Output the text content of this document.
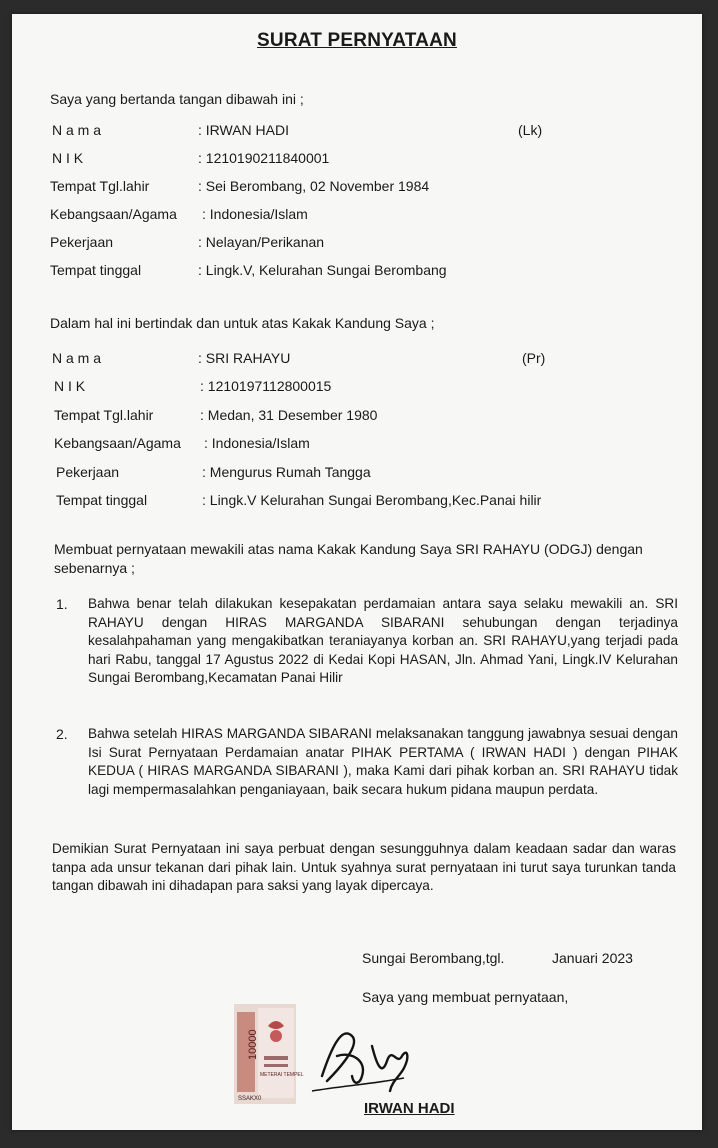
SURAT PERNYATAAN
Saya yang bertanda tangan dibawah ini ;
N a m a	: IRWAN HADI	(Lk)
N I K	: 1210190211840001
Tempat Tgl.lahir	: Sei Berombang, 02 November 1984
Kebangsaan/Agama : Indonesia/Islam
Pekerjaan	: Nelayan/Perikanan
Tempat tinggal	: Lingk.V, Kelurahan Sungai Berombang
Dalam hal ini bertindak dan untuk atas Kakak Kandung Saya ;
N a m a	: SRI RAHAYU	(Pr)
N I K	: 1210197112800015
Tempat Tgl.lahir	: Medan, 31 Desember 1980
Kebangsaan/Agama : Indonesia/Islam
Pekerjaan	: Mengurus Rumah Tangga
Tempat tinggal	: Lingk.V Kelurahan Sungai Berombang,Kec.Panai hilir
Membuat pernyataan mewakili atas nama Kakak Kandung Saya SRI RAHAYU (ODGJ) dengan sebenarnya ;
1. Bahwa benar telah dilakukan kesepakatan perdamaian antara saya selaku mewakili an. SRI RAHAYU dengan HIRAS MARGANDA SIBARANI sehubungan dengan terjadinya kesalahpahaman yang mengakibatkan teraniayanya korban an. SRI RAHAYU,yang terjadi pada hari Rabu, tanggal 17 Agustus 2022 di Kedai Kopi HASAN, Jln. Ahmad Yani, Lingk.IV Kelurahan Sungai Berombang,Kecamatan Panai Hilir
2. Bahwa setelah HIRAS MARGANDA SIBARANI melaksanakan tanggung jawabnya sesuai dengan Isi Surat Pernyataan Perdamaian anatar PIHAK PERTAMA ( IRWAN HADI ) dengan PIHAK KEDUA ( HIRAS MARGANDA SIBARANI ), maka Kami dari pihak korban an. SRI RAHAYU tidak lagi mempermasalahkan penganiayaan, baik secara hukum pidana maupun perdata.
Demikian Surat Pernyataan ini saya perbuat dengan sesungguhnya dalam keadaan sadar dan waras tanpa ada unsur tekanan dari pihak lain. Untuk syahnya surat pernyataan ini turut saya turunkan tanda tangan dibawah ini dihadapan para saksi yang layak dipercaya.
Sungai Berombang,tgl.	Januari 2023
Saya yang membuat pernyataan,
10000
METERAI TEMPEL
SSAKX0
IRWAN HADI
